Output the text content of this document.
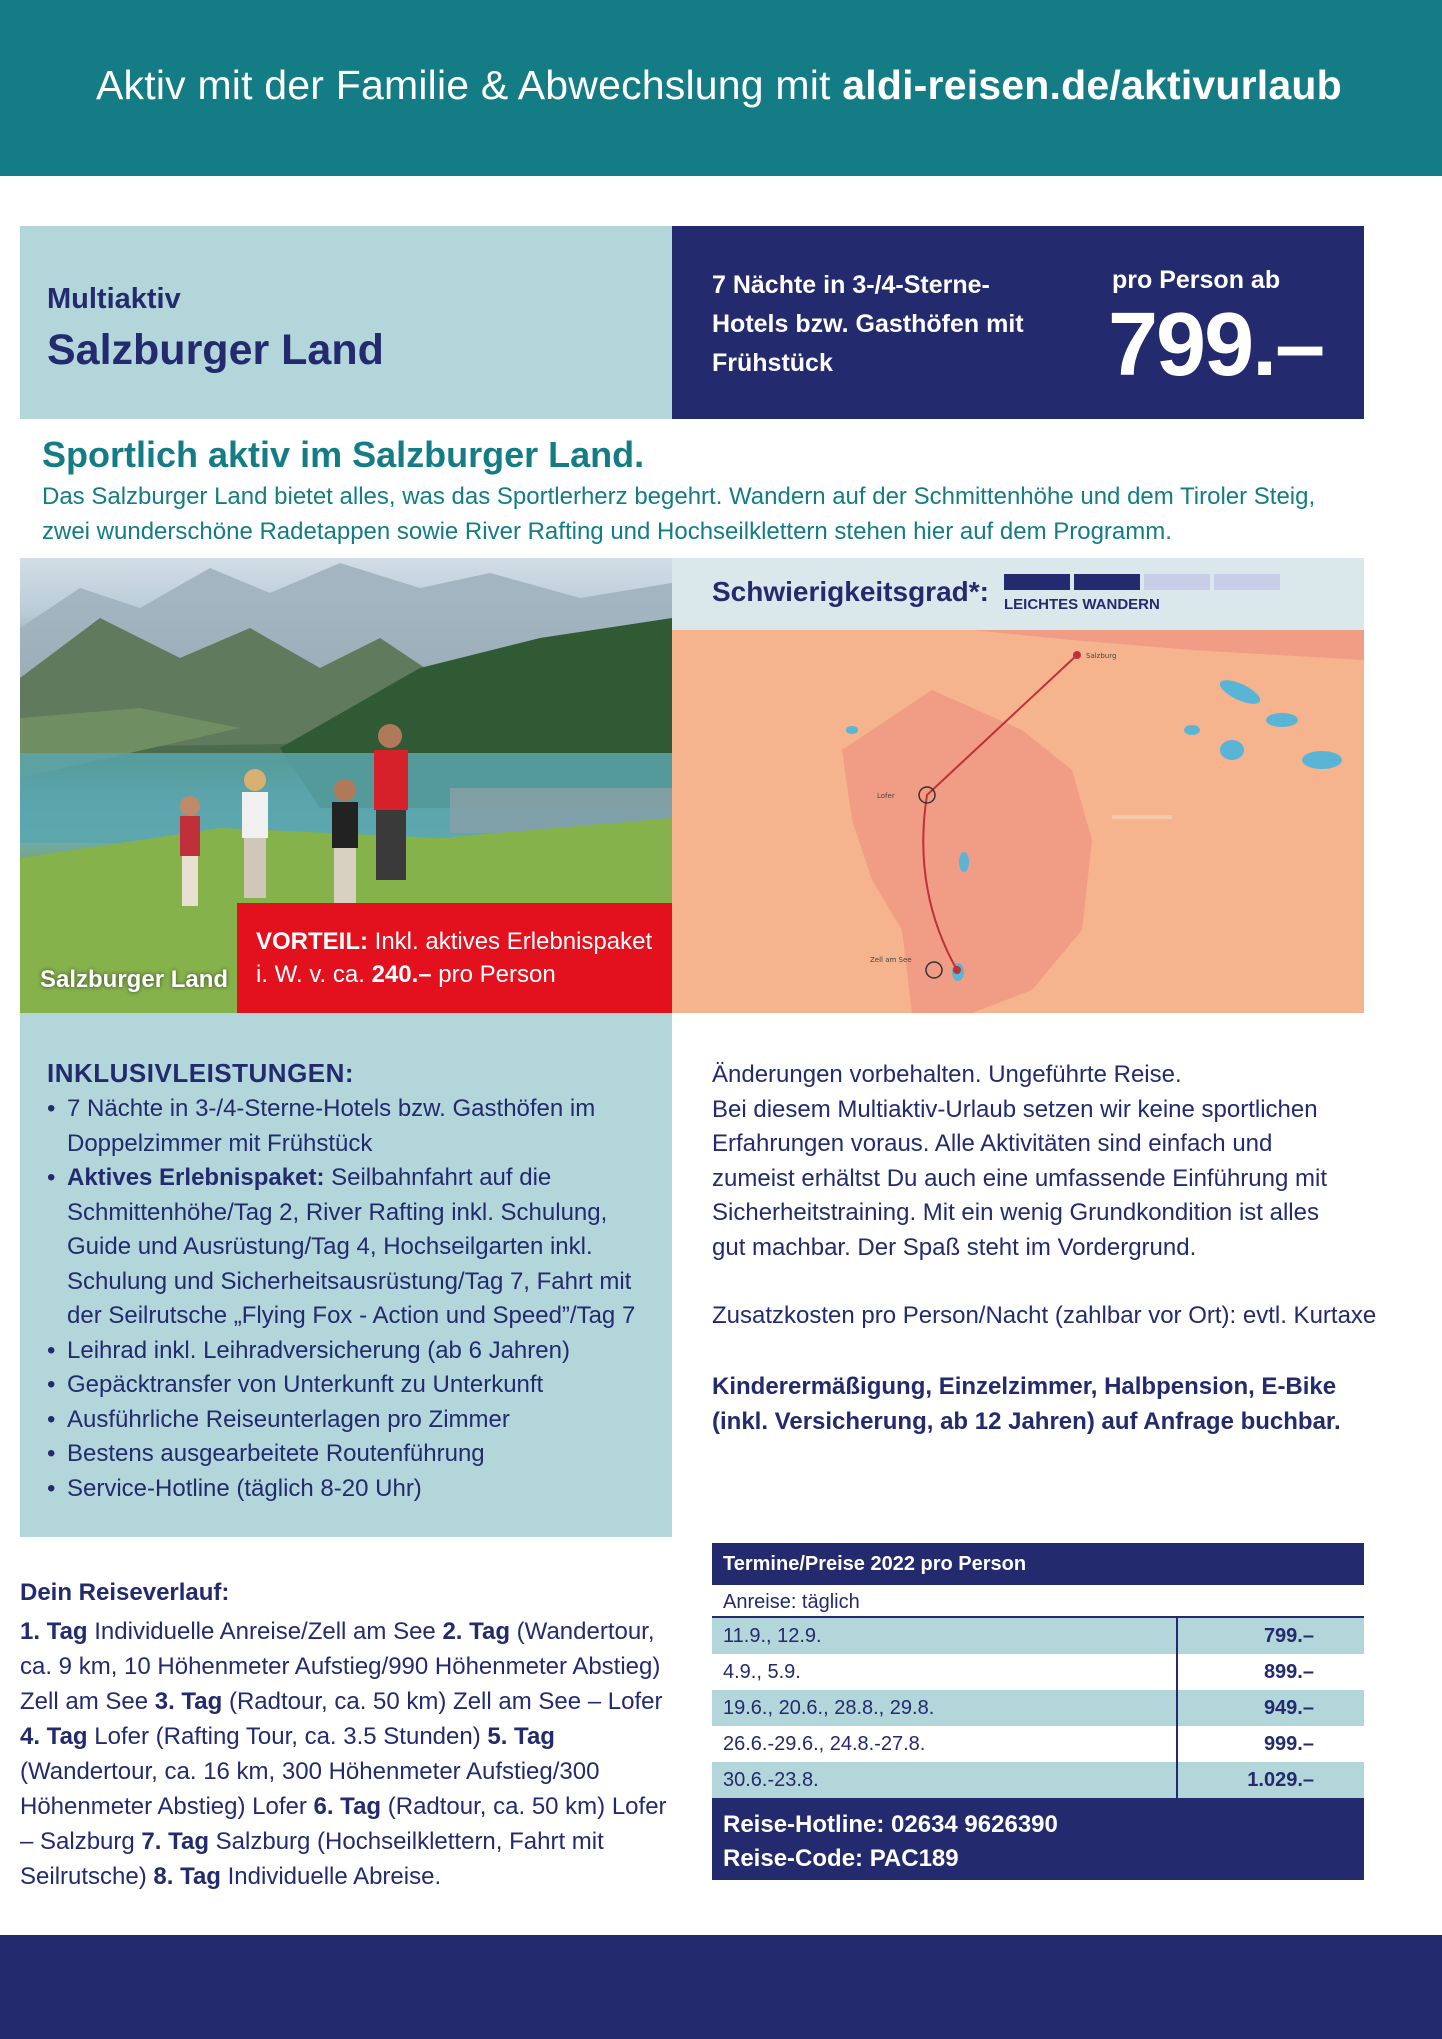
Aktiv mit der Familie & Abwechslung mit aldi-reisen.de/aktivurlaub
Multiaktiv
Salzburger Land
7 Nächte in 3-/4-Sterne-Hotels bzw. Gasthöfen mit Frühstück
pro Person ab
799.–
Sportlich aktiv im Salzburger Land.
Das Salzburger Land bietet alles, was das Sportlerherz begehrt. Wandern auf der Schmittenhöhe und dem Tiroler Steig, zwei wunderschöne Radetappen sowie River Rafting und Hochseilklettern stehen hier auf dem Programm.
Salzburger Land
VORTEIL: Inkl. aktives Erlebnispaket
i. W. v. ca. 240.– pro Person
Schwierigkeitsgrad*: LEICHTES WANDERN
Salzburg
Lofer
Zell am See
INKLUSIVLEISTUNGEN:
• 7 Nächte in 3-/4-Sterne-Hotels bzw. Gasthöfen im Doppelzimmer mit Frühstück
• Aktives Erlebnispaket: Seilbahnfahrt auf die Schmittenhöhe/Tag 2, River Rafting inkl. Schulung, Guide und Ausrüstung/Tag 4, Hochseilgarten inkl. Schulung und Sicherheitsausrüstung/Tag 7, Fahrt mit der Seilrutsche „Flying Fox - Action und Speed”/Tag 7
• Leihrad inkl. Leihradversicherung (ab 6 Jahren)
• Gepäcktransfer von Unterkunft zu Unterkunft
• Ausführliche Reiseunterlagen pro Zimmer
• Bestens ausgearbeitete Routenführung
• Service-Hotline (täglich 8-20 Uhr)

Änderungen vorbehalten. Ungeführte Reise.

Bei diesem Multiaktiv-Urlaub setzen wir keine sportlichen Erfahrungen voraus. Alle Aktivitäten sind einfach und zumeist erhältst Du auch eine umfassende Einführung mit Sicherheitstraining. Mit ein wenig Grundkondition ist alles gut machbar. Der Spaß steht im Vordergrund.

Zusatzkosten pro Person/Nacht (zahlbar vor Ort): evtl. Kurtaxe
Kinderermäßigung, Einzelzimmer, Halbpension, E-Bike (inkl. Versicherung, ab 12 Jahren) auf Anfrage buchbar.
Dein Reiseverlauf:
1. Tag Individuelle Anreise/Zell am See 2. Tag (Wandertour, ca. 9 km, 10 Höhenmeter Aufstieg/990 Höhenmeter Abstieg) Zell am See 3. Tag (Radtour, ca. 50 km) Zell am See – Lofer 4. Tag Lofer (Rafting Tour, ca. 3.5 Stunden) 5. Tag (Wandertour, ca. 16 km, 300 Höhenmeter Aufstieg/300 Höhenmeter Abstieg) Lofer 6. Tag (Radtour, ca. 50 km) Lofer – Salzburg 7. Tag Salzburg (Hochseilklettern, Fahrt mit Seilrutsche) 8. Tag Individuelle Abreise.
Termine/Preise 2022 pro Person
Anreise: täglich
11.9., 12.9.	799.–
4.9., 5.9.	899.–
19.6., 20.6., 28.8., 29.8.	949.–
26.6.-29.6., 24.8.-27.8.	999.–
30.6.-23.8.	1.029.–
Reise-Hotline: 02634 9626390
Reise-Code: PAC189
